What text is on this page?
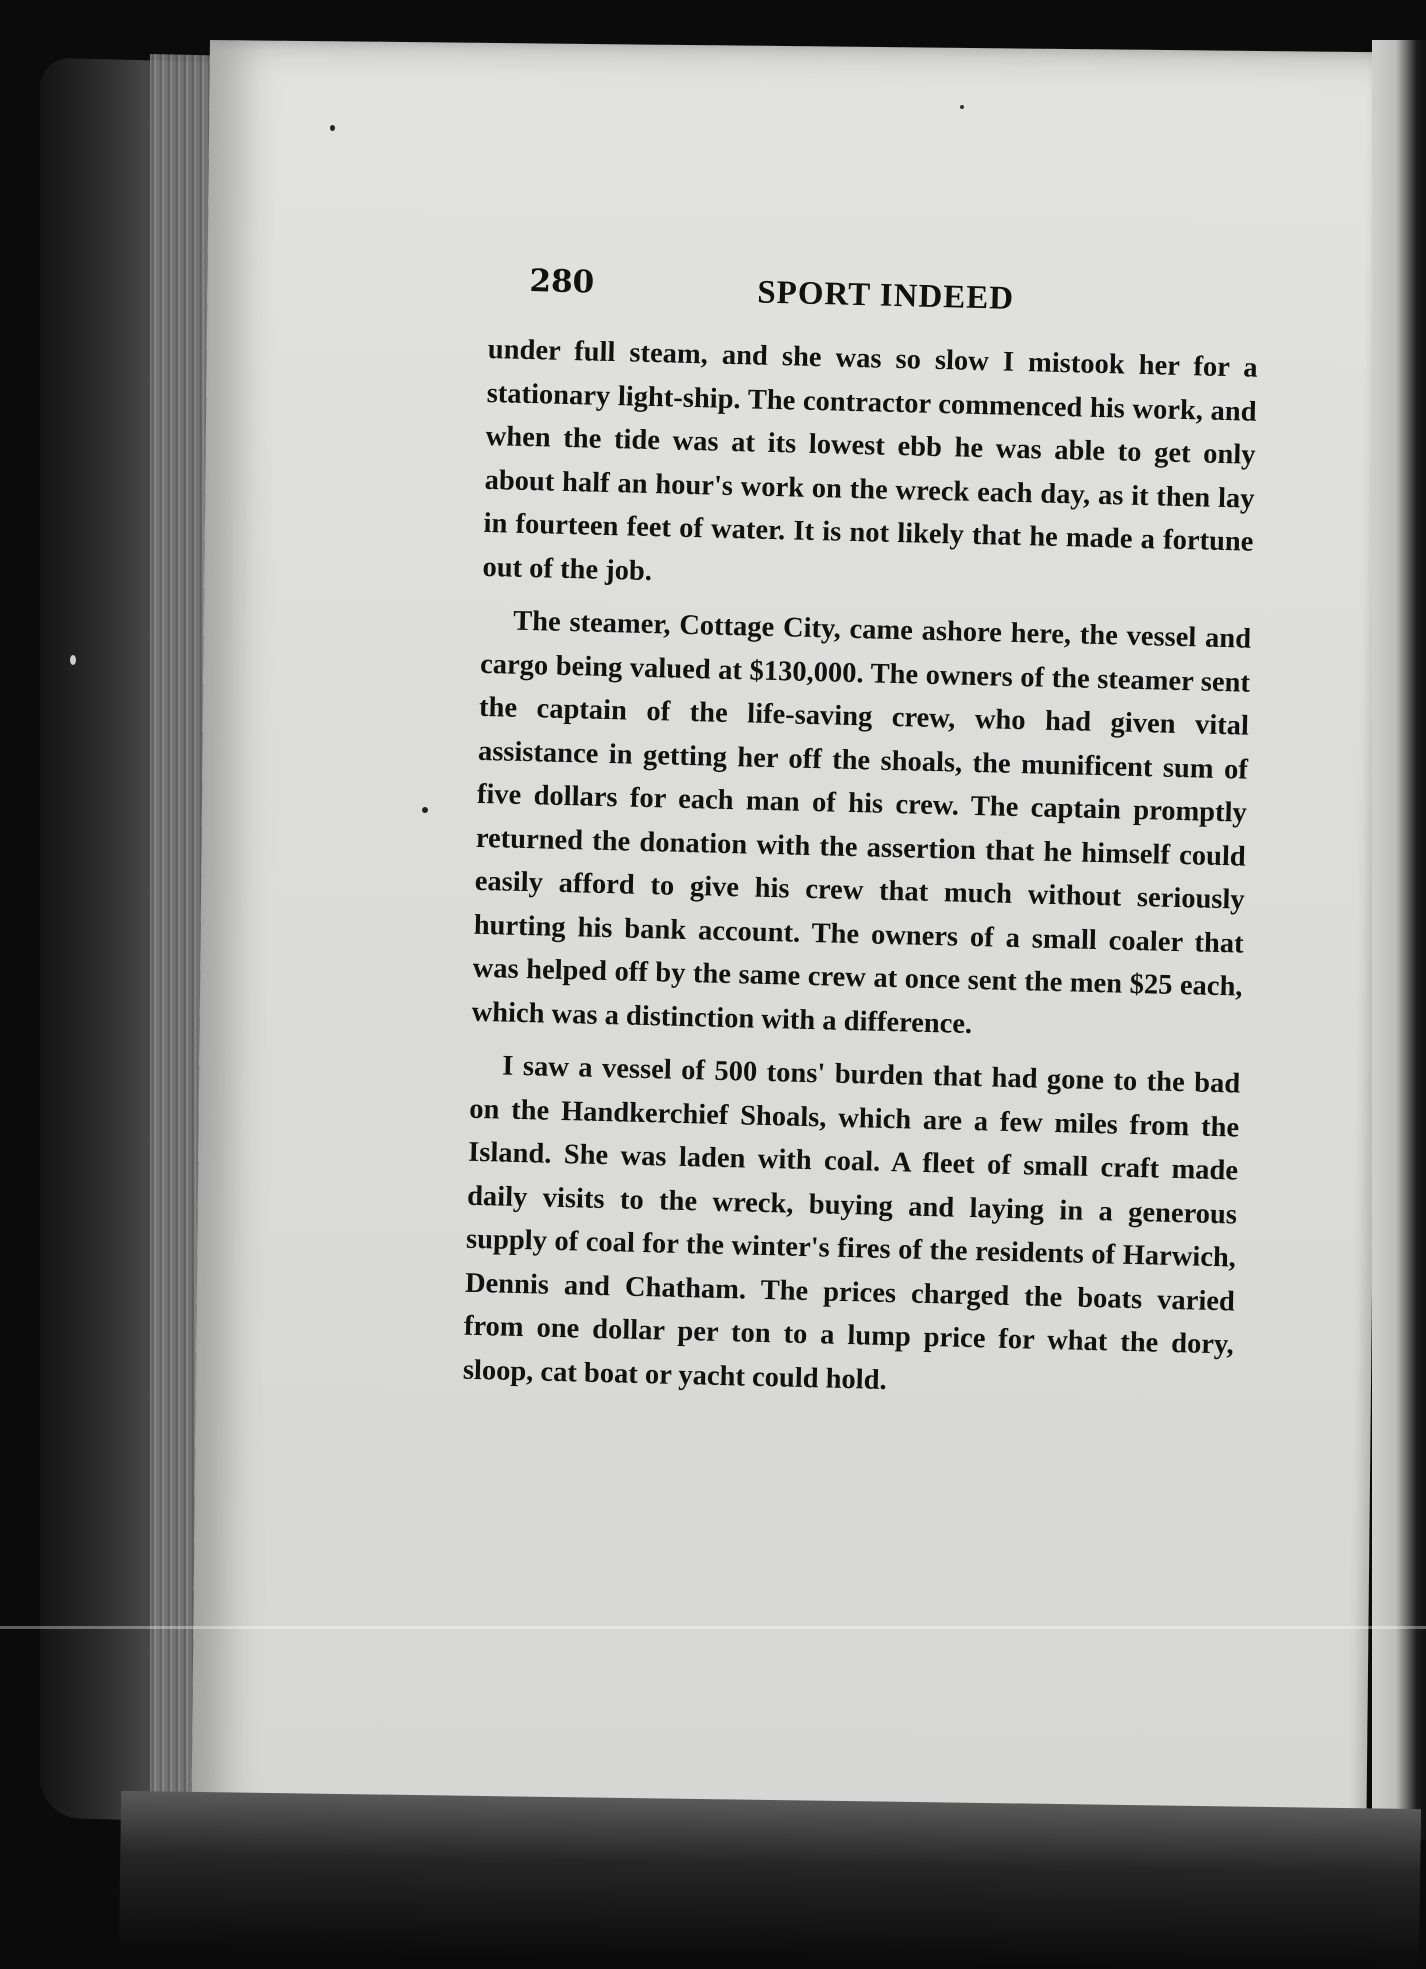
280	SPORT INDEED

under full steam, and she was so slow I mistook her for a stationary light-ship. The contractor commenced his work, and when the tide was at its lowest ebb he was able to get only about half an hour's work on the wreck each day, as it then lay in fourteen feet of water. It is not likely that he made a fortune out of the job.

The steamer, Cottage City, came ashore here, the vessel and cargo being valued at $130,000. The owners of the steamer sent the captain of the life-saving crew, who had given vital assistance in getting her off the shoals, the munificent sum of five dollars for each man of his crew. The captain promptly returned the donation with the assertion that he himself could easily afford to give his crew that much without seriously hurting his bank account. The owners of a small coaler that was helped off by the same crew at once sent the men $25 each, which was a distinction with a difference.

I saw a vessel of 500 tons' burden that had gone to the bad on the Handkerchief Shoals, which are a few miles from the Island. She was laden with coal. A fleet of small craft made daily visits to the wreck, buying and laying in a generous supply of coal for the winter's fires of the residents of Harwich, Dennis and Chatham. The prices charged the boats varied from one dollar per ton to a lump price for what the dory, sloop, cat boat or yacht could hold.
